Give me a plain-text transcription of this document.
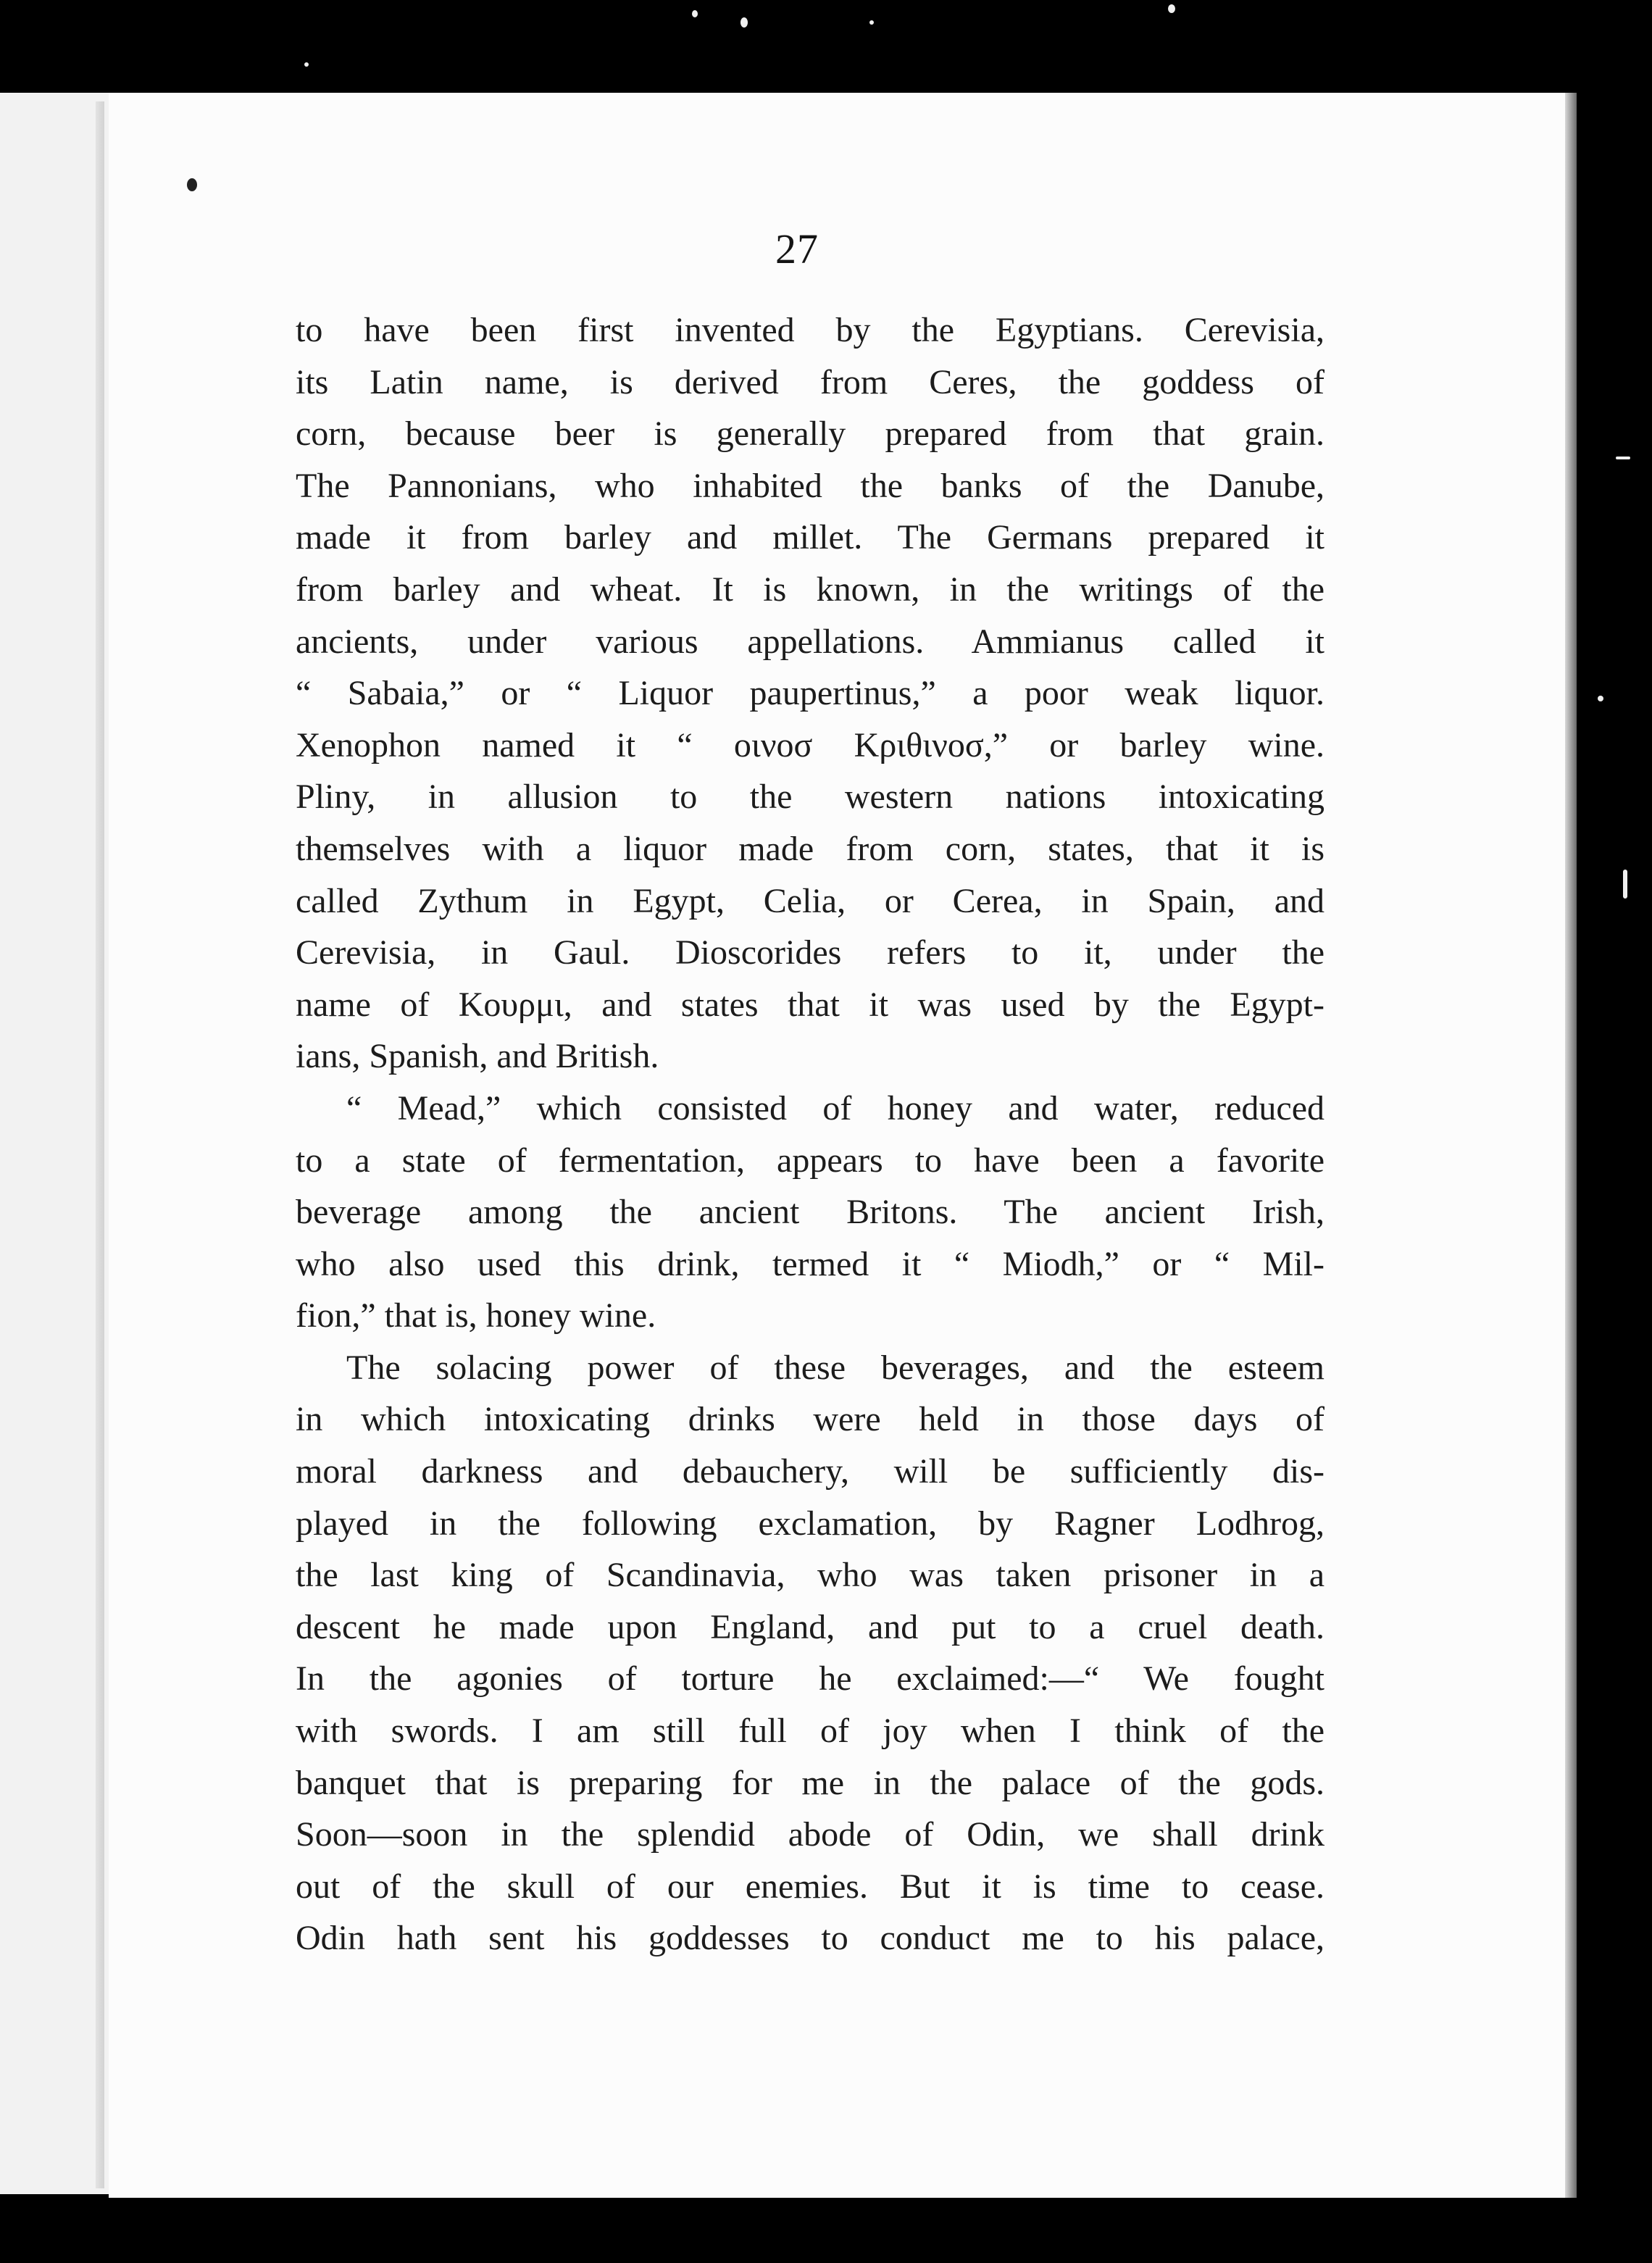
27
to have been first invented by the Egyptians. Cerevisia,
its Latin name, is derived from Ceres, the goddess of
corn, because beer is generally prepared from that grain.
The Pannonians, who inhabited the banks of the Danube,
made it from barley and millet. The Germans prepared it
from barley and wheat. It is known, in the writings of the
ancients, under various appellations. Ammianus called it
“ Sabaia,” or “ Liquor paupertinus,” a poor weak liquor.
Xenophon named it “ οινοσ Κριθινοσ,” or barley wine.
Pliny, in allusion to the western nations intoxicating
themselves with a liquor made from corn, states, that it is
called Zythum in Egypt, Celia, or Cerea, in Spain, and
Cerevisia, in Gaul. Dioscorides refers to it, under the
name of Κουρμι, and states that it was used by the Egypt-
ians, Spanish, and British.
“ Mead,” which consisted of honey and water, reduced
to a state of fermentation, appears to have been a favorite
beverage among the ancient Britons. The ancient Irish,
who also used this drink, termed it “ Miodh,” or “ Mil-
fion,” that is, honey wine.
The solacing power of these beverages, and the esteem
in which intoxicating drinks were held in those days of
moral darkness and debauchery, will be sufficiently dis-
played in the following exclamation, by Ragner Lodhrog,
the last king of Scandinavia, who was taken prisoner in a
descent he made upon England, and put to a cruel death.
In the agonies of torture he exclaimed:—“ We fought
with swords. I am still full of joy when I think of the
banquet that is preparing for me in the palace of the gods.
Soon—soon in the splendid abode of Odin, we shall drink
out of the skull of our enemies. But it is time to cease.
Odin hath sent his goddesses to conduct me to his palace,
